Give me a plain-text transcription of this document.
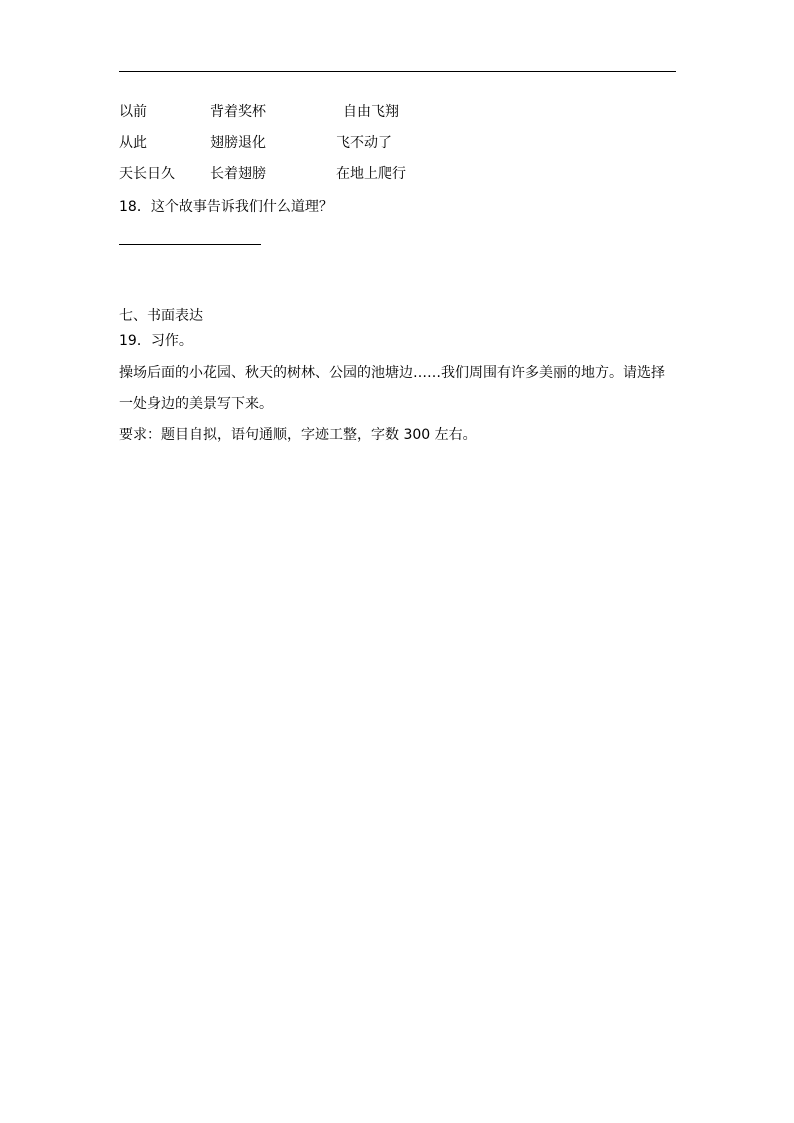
以前	背着奖杯	自由飞翔
从此	翅膀退化	飞不动了
天长日久	长着翅膀	在地上爬行
18．这个故事告诉我们什么道理？
七、书面表达
19．习作。
操场后面的小花园、秋天的树林、公园的池塘边……我们周围有许多美丽的地方。请选择
一处身边的美景写下来。
要求：题目自拟，语句通顺，字迹工整，字数 300 左右。
